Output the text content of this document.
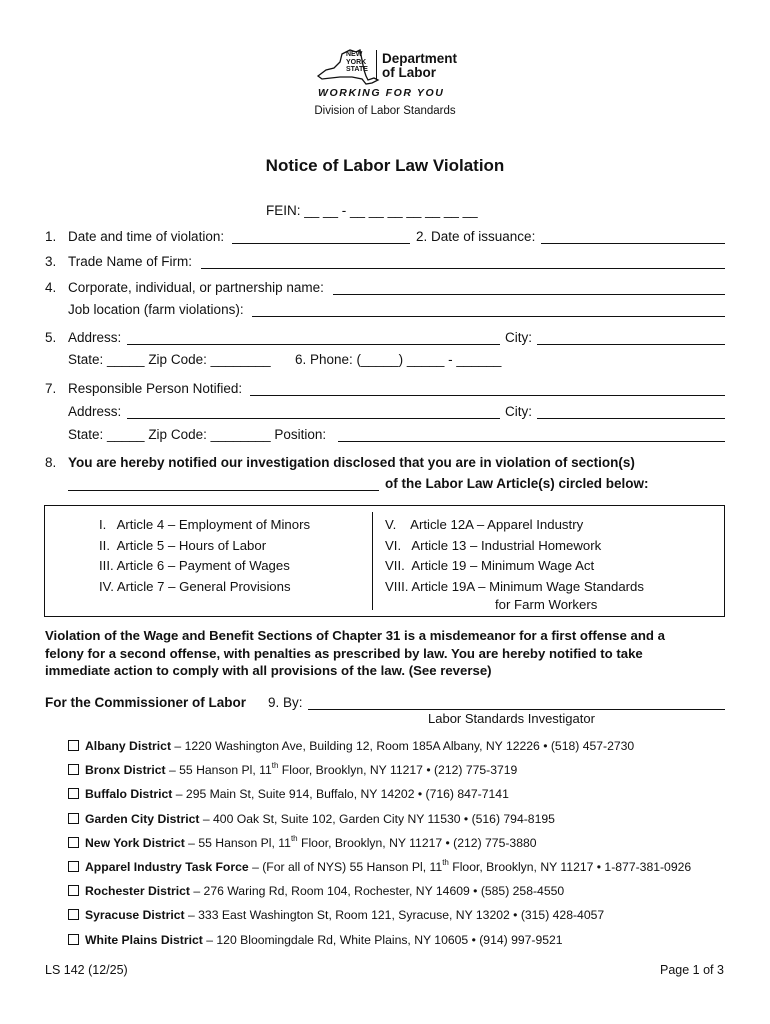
NEW
YORK
STATE
Department
of Labor
WORKING FOR YOU
Division of Labor Standards
Notice of Labor Law Violation
FEIN: __ __ - __ __ __ __ __ __ __
1. Date and time of violation:	2. Date of issuance:
3. Trade Name of Firm:
4. Corporate, individual, or partnership name:
Job location (farm violations):
5. Address:	City:
State: _____ Zip Code: ________ 6. Phone: (_____) _____ - ______
7. Responsible Person Notified:
Address:	City:
State: _____ Zip Code: ________ Position:
8. You are hereby notified our investigation disclosed that you are in violation of section(s)
of the Labor Law Article(s) circled below:
I.   Article 4 – Employment of Minors
II.  Article 5 – Hours of Labor
III. Article 6 – Payment of Wages
IV. Article 7 – General Provisions
V.    Article 12A – Apparel Industry
VI.   Article 13 – Industrial Homework
VII.  Article 19 – Minimum Wage Act
VIII. Article 19A – Minimum Wage Standards
for Farm Workers
Violation of the Wage and Benefit Sections of Chapter 31 is a misdemeanor for a first offense and a
felony for a second offense, with penalties as prescribed by law. You are hereby notified to take
immediate action to comply with all provisions of the law. (See reverse)
For the Commissioner of Labor 9. By:
Labor Standards Investigator
Albany District – 1220 Washington Ave, Building 12, Room 185A Albany, NY 12226 • (518) 457-2730
Bronx District – 55 Hanson Pl, 11th Floor, Brooklyn, NY 11217 • (212) 775-3719
Buffalo District – 295 Main St, Suite 914, Buffalo, NY 14202 • (716) 847-7141
Garden City District – 400 Oak St, Suite 102, Garden City NY 11530 • (516) 794-8195
New York District – 55 Hanson Pl, 11th Floor, Brooklyn, NY 11217 • (212) 775-3880
Apparel Industry Task Force – (For all of NYS) 55 Hanson Pl, 11th Floor, Brooklyn, NY 11217 • 1-877-381-0926
Rochester District – 276 Waring Rd, Room 104, Rochester, NY 14609 • (585) 258-4550
Syracuse District – 333 East Washington St, Room 121, Syracuse, NY 13202 • (315) 428-4057
White Plains District – 120 Bloomingdale Rd, White Plains, NY 10605 • (914) 997-9521
LS 142 (12/25)	Page 1 of 3
